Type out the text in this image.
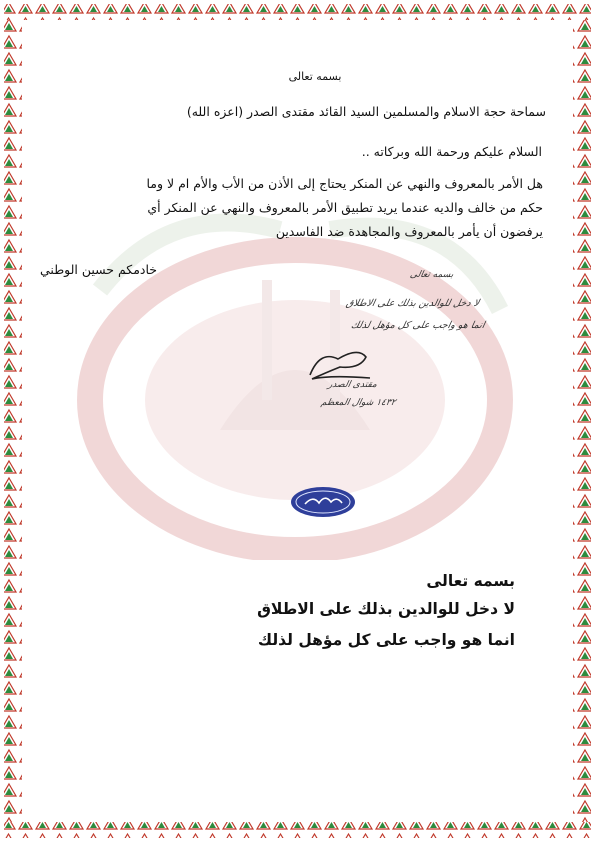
بسمه تعالى
سماحة حجة الاسلام والمسلمين السيد القائد مقتدى الصدر (اعزه الله)
السلام عليكم ورحمة الله وبركاته ..
هل الأمر بالمعروف والنهي عن المنكر يحتاج إلى الأذن من الأب والأم ام لا وما
حكم من خالف والديه عندما يريد تطبيق الأمر بالمعروف والنهي عن المنكر أي
يرفضون أن يأمر بالمعروف والمجاهدة ضد الفاسدين
خادمكم حسين الوطني	بسمه تعالى
لا دخل للوالدين بذلك على الاطلاق
انما هو واجب على كل مؤهل لذلك
مقتدى الصدر
١٤٣٢ شوال المعظم
بسمه تعالى
لا دخل للوالدين بذلك على الاطلاق
انما هو واجب على كل مؤهل لذلك
